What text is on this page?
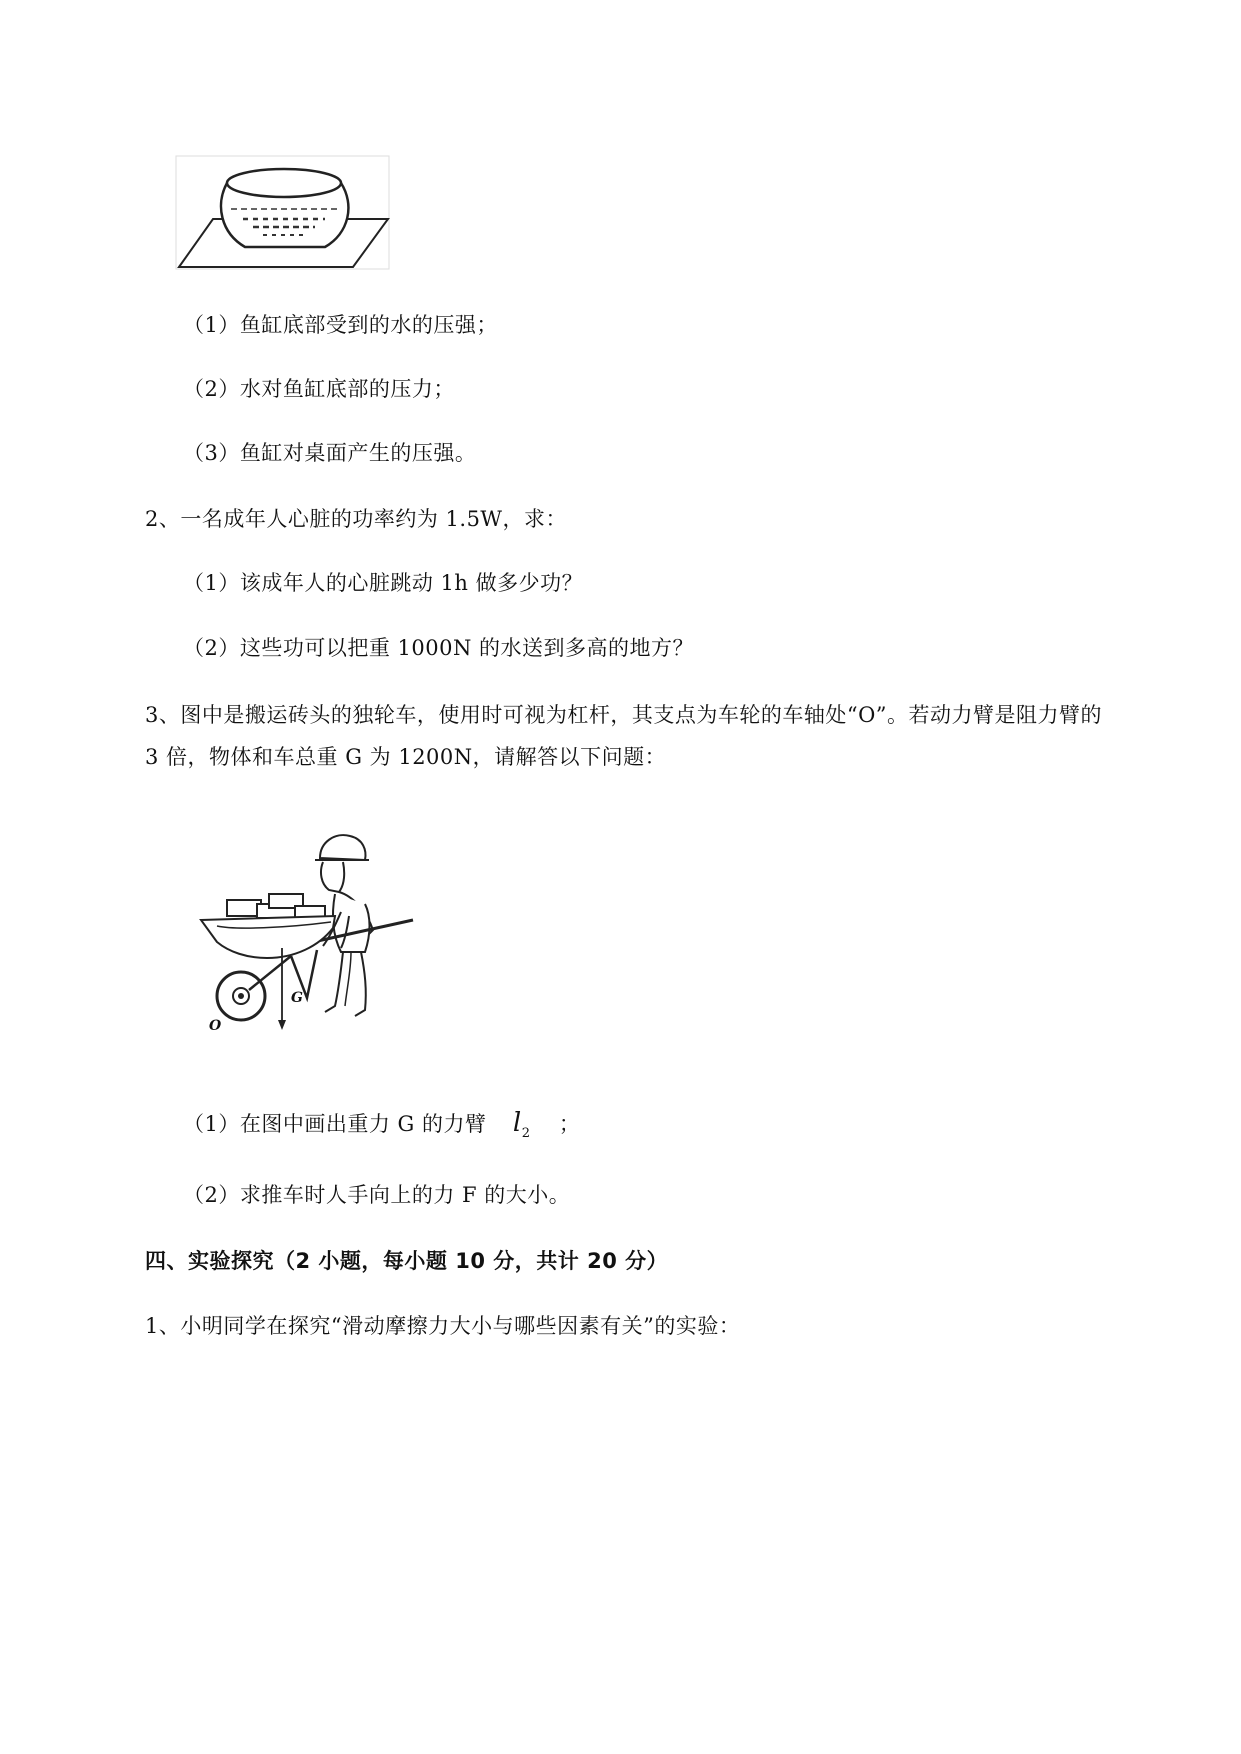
（1）鱼缸底部受到的水的压强；
（2）水对鱼缸底部的压力；
（3）鱼缸对桌面产生的压强。
2、一名成年人心脏的功率约为 1.5W，求：
（1）该成年人的心脏跳动 1h 做多少功？
（2）这些功可以把重 1000N 的水送到多高的地方？
3、图中是搬运砖头的独轮车，使用时可视为杠杆，其支点为车轮的车轴处“O”。若动力臂是阻力臂的
3 倍，物体和车总重 G 为 1200N，请解答以下问题：
O
G
（1）在图中画出重力 G 的力臂 $l_2$ ；
（2）求推车时人手向上的力 F 的大小。
四、实验探究（2 小题，每小题 10 分，共计 20 分）
1、小明同学在探究“滑动摩擦力大小与哪些因素有关”的实验：
